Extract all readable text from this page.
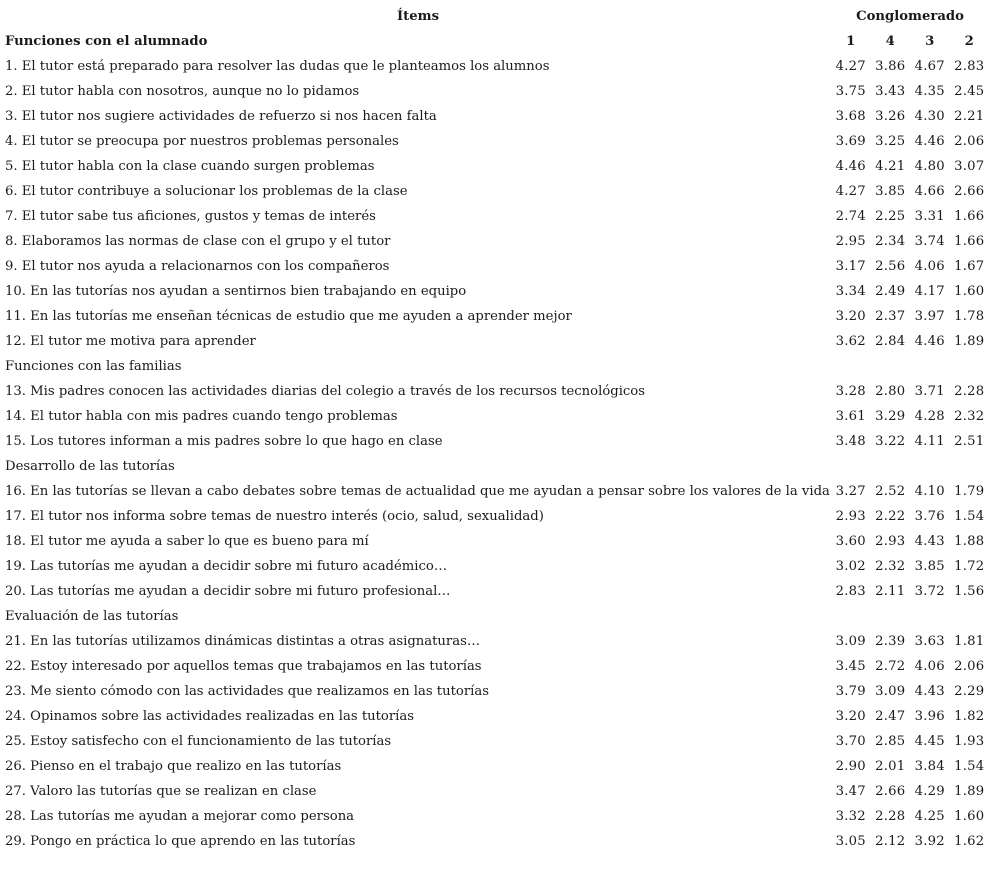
Ítems	Conglomerado			
Funciones con el alumnado	1	4	3	2
1. El tutor está preparado para resolver las dudas que le planteamos los alumnos	4.27	3.86	4.67	2.83
2. El tutor habla con nosotros, aunque no lo pidamos	3.75	3.43	4.35	2.45
3. El tutor nos sugiere actividades de refuerzo si nos hacen falta	3.68	3.26	4.30	2.21
4. El tutor se preocupa por nuestros problemas personales	3.69	3.25	4.46	2.06
5. El tutor habla con la clase cuando surgen problemas	4.46	4.21	4.80	3.07
6. El tutor contribuye a solucionar los problemas de la clase	4.27	3.85	4.66	2.66
7. El tutor sabe tus aficiones, gustos y temas de interés	2.74	2.25	3.31	1.66
8. Elaboramos las normas de clase con el grupo y el tutor	2.95	2.34	3.74	1.66
9. El tutor nos ayuda a relacionarnos con los compañeros	3.17	2.56	4.06	1.67
10. En las tutorías nos ayudan a sentirnos bien trabajando en equipo	3.34	2.49	4.17	1.60
11. En las tutorías me enseñan técnicas de estudio que me ayuden a aprender mejor	3.20	2.37	3.97	1.78
12. El tutor me motiva para aprender	3.62	2.84	4.46	1.89
Funciones con las familias				
13. Mis padres conocen las actividades diarias del colegio a través de los recursos tecnológicos	3.28	2.80	3.71	2.28
14. El tutor habla con mis padres cuando tengo problemas	3.61	3.29	4.28	2.32
15. Los tutores informan a mis padres sobre lo que hago en clase	3.48	3.22	4.11	2.51
Desarrollo de las tutorías				
16. En las tutorías se llevan a cabo debates sobre temas de actualidad que me ayudan a pensar sobre los valores de la vida	3.27	2.52	4.10	1.79
17. El tutor nos informa sobre temas de nuestro interés (ocio, salud, sexualidad)	2.93	2.22	3.76	1.54
18. El tutor me ayuda a saber lo que es bueno para mí	3.60	2.93	4.43	1.88
19. Las tutorías me ayudan a decidir sobre mi futuro académico…	3.02	2.32	3.85	1.72
20. Las tutorías me ayudan a decidir sobre mi futuro profesional…	2.83	2.11	3.72	1.56
Evaluación de las tutorías				
21. En las tutorías utilizamos dinámicas distintas a otras asignaturas…	3.09	2.39	3.63	1.81
22. Estoy interesado por aquellos temas que trabajamos en las tutorías	3.45	2.72	4.06	2.06
23. Me siento cómodo con las actividades que realizamos en las tutorías	3.79	3.09	4.43	2.29
24. Opinamos sobre las actividades realizadas en las tutorías	3.20	2.47	3.96	1.82
25. Estoy satisfecho con el funcionamiento de las tutorías	3.70	2.85	4.45	1.93
26. Pienso en el trabajo que realizo en las tutorías	2.90	2.01	3.84	1.54
27. Valoro las tutorías que se realizan en clase	3.47	2.66	4.29	1.89
28. Las tutorías me ayudan a mejorar como persona	3.32	2.28	4.25	1.60
29. Pongo en práctica lo que aprendo en las tutorías	3.05	2.12	3.92	1.62
